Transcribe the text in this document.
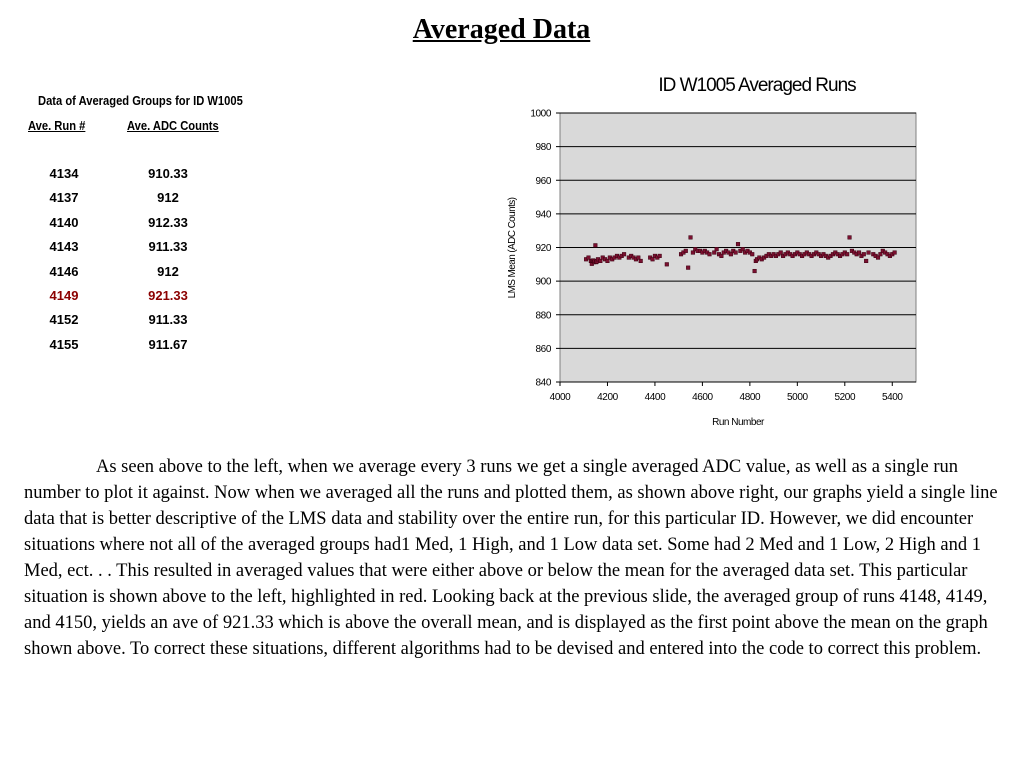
Averaged Data
Data of Averaged Groups for ID W1005
Ave. Run #	Ave. ADC Counts
4134	910.33
4137	912
4140	912.33
4143	911.33
4146	912
4149	921.33
4152	911.33
4155	911.67
ID W1005 Averaged Runs
840
860
880
900
920
940
960
980
1000
4000	4200	4400	4600	4800	5000	5200	5400
Run Number
LMS Mean (ADC Counts)
As seen above to the left, when we average every 3 runs we get a single averaged ADC value, as well as a single run number to plot it against. Now when we averaged all the runs and plotted them, as shown above right, our graphs yield a single line data that is better descriptive of the LMS data and stability over the entire run, for this particular ID. However, we did encounter situations where not all of the averaged groups had1 Med, 1 High, and 1 Low data set. Some had 2 Med and 1 Low, 2 High and 1 Med, ect. . . This resulted in averaged values that were either above or below the mean for the averaged data set. This particular situation is shown above to the left, highlighted in red. Looking back at the previous slide, the averaged group of runs 4148, 4149, and 4150, yields an ave of 921.33 which is above the overall mean, and is displayed as the first point above the mean on the graph shown above. To correct these situations, different algorithms had to be devised and entered into the code to correct this problem.
